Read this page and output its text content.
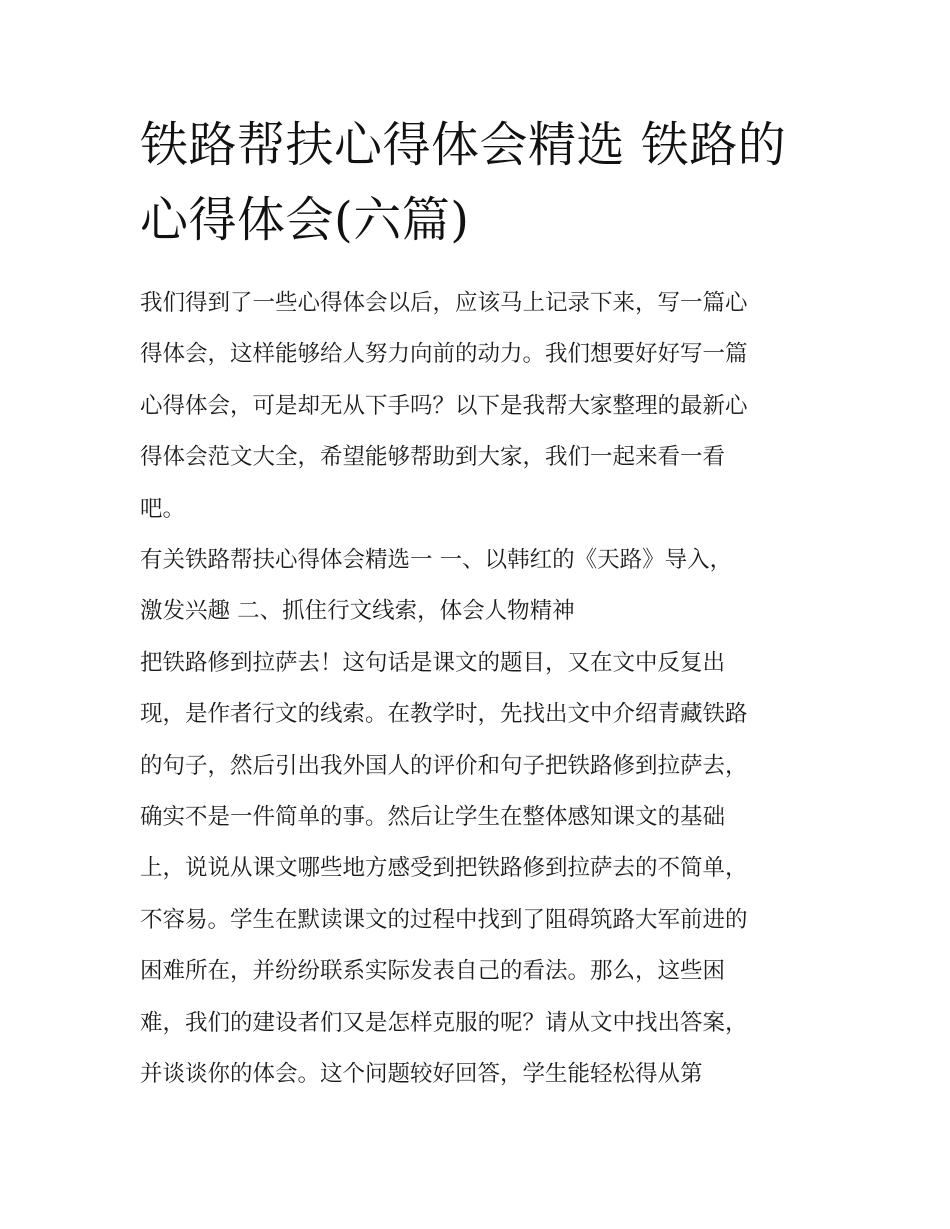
铁路帮扶心得体会精选 铁路的
心得体会(六篇)
我们得到了一些心得体会以后，应该马上记录下来，写一篇心
得体会，这样能够给人努力向前的动力。我们想要好好写一篇
心得体会，可是却无从下手吗？以下是我帮大家整理的最新心
得体会范文大全，希望能够帮助到大家，我们一起来看一看
吧。
有关铁路帮扶心得体会精选一 一、以韩红的《天路》导入，
激发兴趣 二、抓住行文线索，体会人物精神
把铁路修到拉萨去！这句话是课文的题目，又在文中反复出
现，是作者行文的线索。在教学时，先找出文中介绍青藏铁路
的句子，然后引出我外国人的评价和句子把铁路修到拉萨去，
确实不是一件简单的事。然后让学生在整体感知课文的基础
上，说说从课文哪些地方感受到把铁路修到拉萨去的不简单，
不容易。学生在默读课文的过程中找到了阻碍筑路大军前进的
困难所在，并纷纷联系实际发表自己的看法。那么，这些困
难，我们的建设者们又是怎样克服的呢？请从文中找出答案，
并谈谈你的体会。这个问题较好回答，学生能轻松得从第
